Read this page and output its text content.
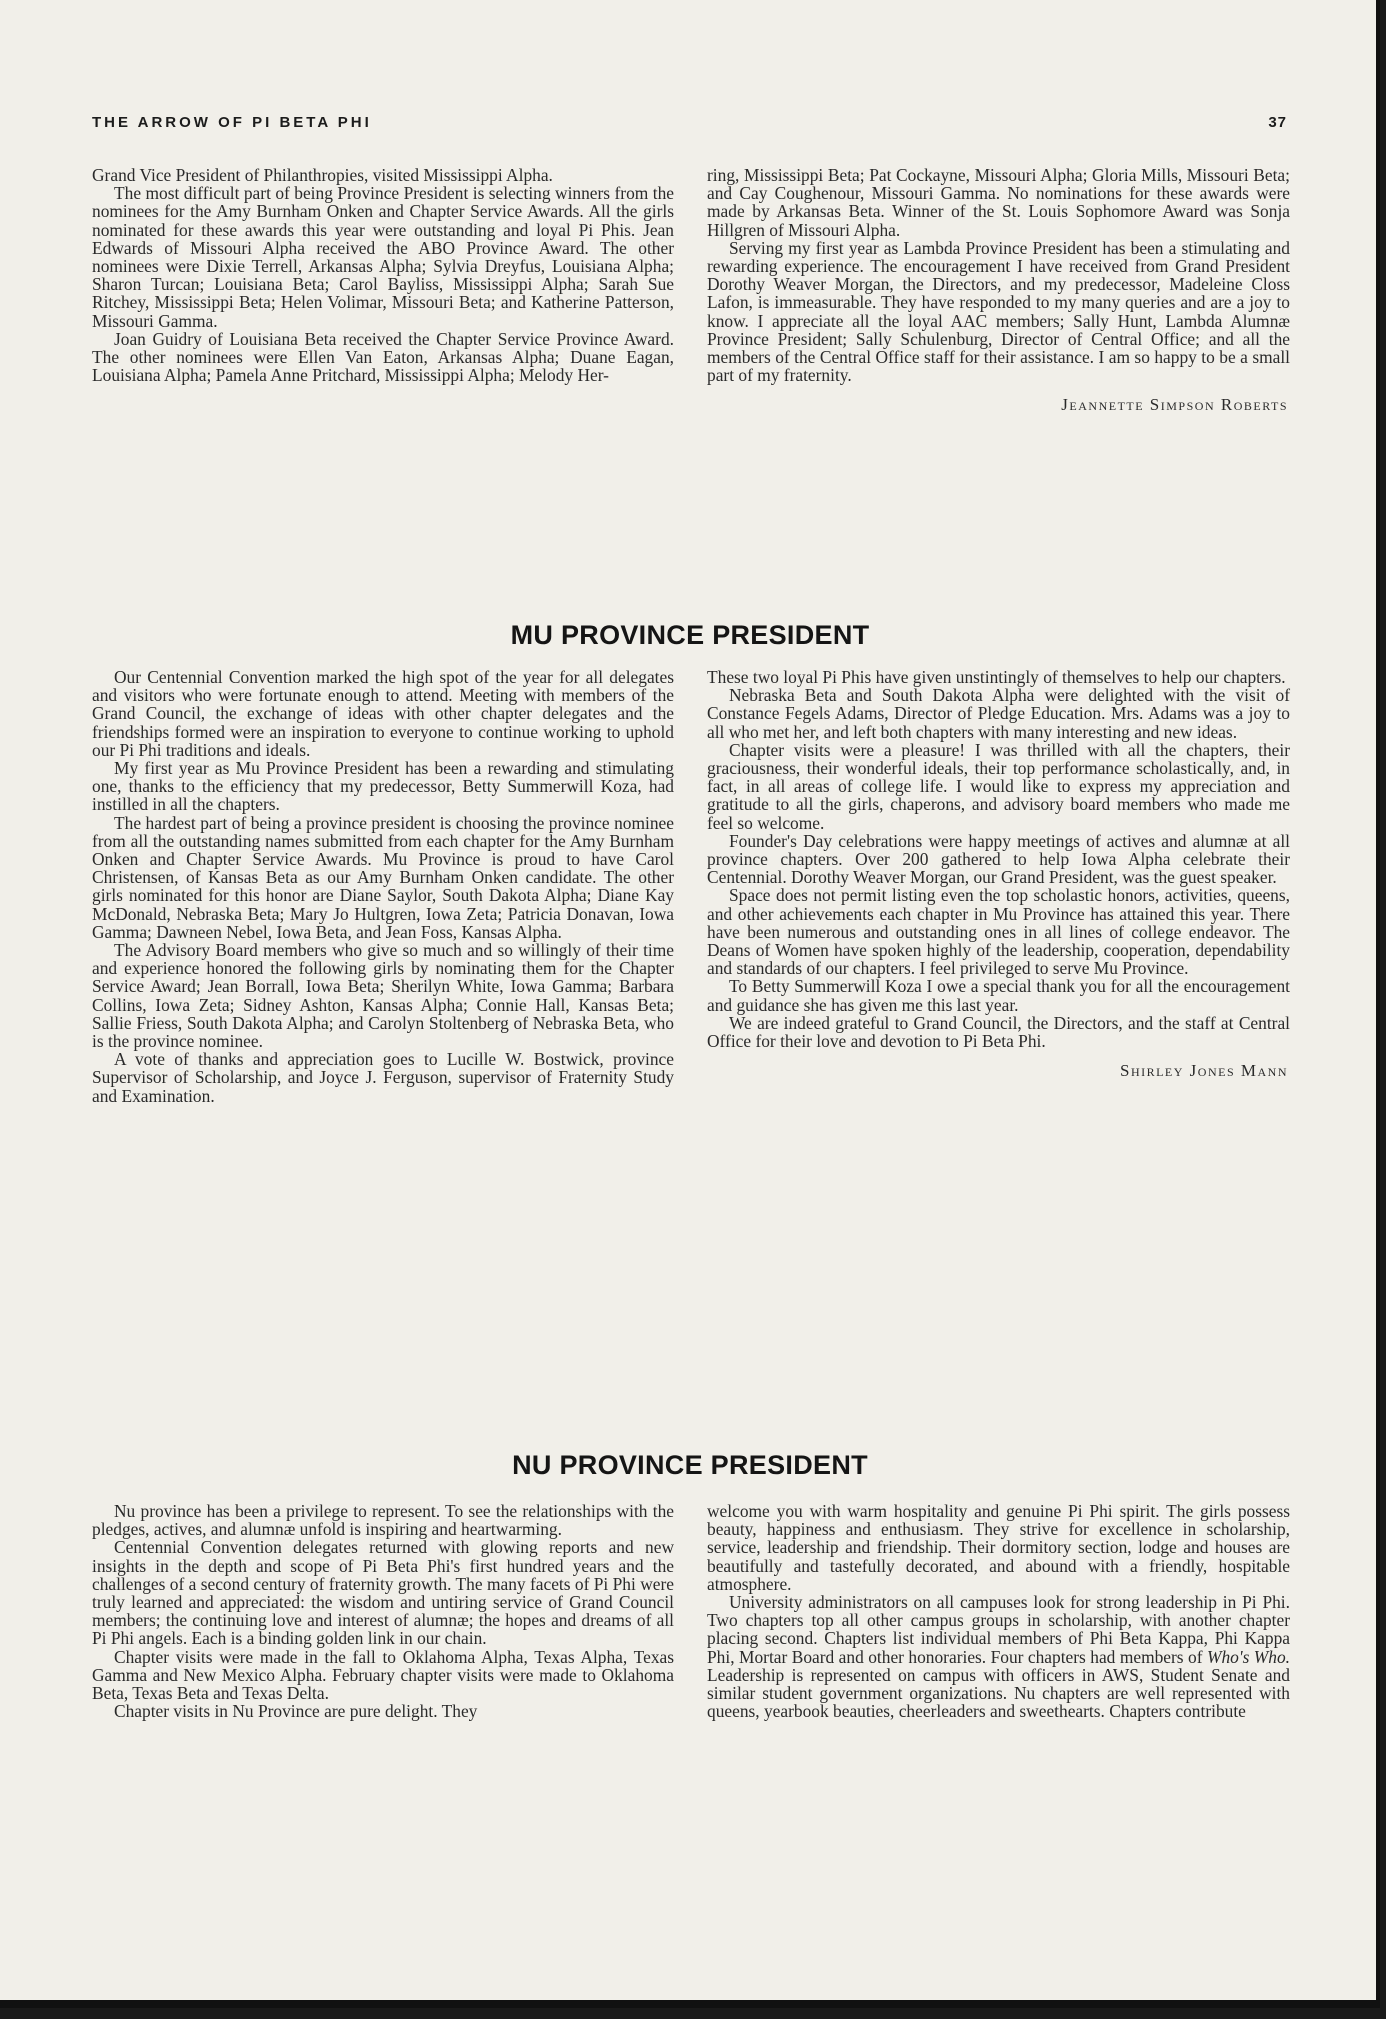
THE ARROW OF PI BETA PHI	37

Grand Vice President of Philanthropies, visited Mississippi Alpha.

The most difficult part of being Province President is selecting winners from the nominees for the Amy Burnham Onken and Chapter Service Awards. All the girls nominated for these awards this year were outstanding and loyal Pi Phis. Jean Edwards of Missouri Alpha received the ABO Province Award. The other nominees were Dixie Terrell, Arkansas Alpha; Sylvia Dreyfus, Louisiana Alpha; Sharon Turcan; Louisiana Beta; Carol Bayliss, Mississippi Alpha; Sarah Sue Ritchey, Mississippi Beta; Helen Volimar, Missouri Beta; and Katherine Patterson, Missouri Gamma.

Joan Guidry of Louisiana Beta received the Chapter Service Province Award. The other nominees were Ellen Van Eaton, Arkansas Alpha; Duane Eagan, Louisiana Alpha; Pamela Anne Pritchard, Mississippi Alpha; Melody Her-

ring, Mississippi Beta; Pat Cockayne, Missouri Alpha; Gloria Mills, Missouri Beta; and Cay Coughenour, Missouri Gamma. No nominations for these awards were made by Arkansas Beta. Winner of the St. Louis Sophomore Award was Sonja Hillgren of Missouri Alpha.

Serving my first year as Lambda Province President has been a stimulating and rewarding experience. The encouragement I have received from Grand President Dorothy Weaver Morgan, the Directors, and my predecessor, Madeleine Closs Lafon, is immeasurable. They have responded to my many queries and are a joy to know. I appreciate all the loyal AAC members; Sally Hunt, Lambda Alumnæ Province President; Sally Schulenburg, Director of Central Office; and all the members of the Central Office staff for their assistance. I am so happy to be a small part of my fraternity.

Jeannette Simpson Roberts
MU PROVINCE PRESIDENT

Our Centennial Convention marked the high spot of the year for all delegates and visitors who were fortunate enough to attend. Meeting with members of the Grand Council, the exchange of ideas with other chapter delegates and the friendships formed were an inspiration to everyone to continue working to uphold our Pi Phi traditions and ideals.

My first year as Mu Province President has been a rewarding and stimulating one, thanks to the efficiency that my predecessor, Betty Summerwill Koza, had instilled in all the chapters.

The hardest part of being a province president is choosing the province nominee from all the outstanding names submitted from each chapter for the Amy Burnham Onken and Chapter Service Awards. Mu Province is proud to have Carol Christensen, of Kansas Beta as our Amy Burnham Onken candidate. The other girls nominated for this honor are Diane Saylor, South Dakota Alpha; Diane Kay McDonald, Nebraska Beta; Mary Jo Hultgren, Iowa Zeta; Patricia Donavan, Iowa Gamma; Dawneen Nebel, Iowa Beta, and Jean Foss, Kansas Alpha.

The Advisory Board members who give so much and so willingly of their time and experience honored the following girls by nominating them for the Chapter Service Award; Jean Borrall, Iowa Beta; Sherilyn White, Iowa Gamma; Barbara Collins, Iowa Zeta; Sidney Ashton, Kansas Alpha; Connie Hall, Kansas Beta; Sallie Friess, South Dakota Alpha; and Carolyn Stoltenberg of Nebraska Beta, who is the province nominee.

A vote of thanks and appreciation goes to Lucille W. Bostwick, province Supervisor of Scholarship, and Joyce J. Ferguson, supervisor of Fraternity Study and Examination.

These two loyal Pi Phis have given unstintingly of themselves to help our chapters.

Nebraska Beta and South Dakota Alpha were delighted with the visit of Constance Fegels Adams, Director of Pledge Education. Mrs. Adams was a joy to all who met her, and left both chapters with many interesting and new ideas.

Chapter visits were a pleasure! I was thrilled with all the chapters, their graciousness, their wonderful ideals, their top performance scholastically, and, in fact, in all areas of college life. I would like to express my appreciation and gratitude to all the girls, chaperons, and advisory board members who made me feel so welcome.

Founder's Day celebrations were happy meetings of actives and alumnæ at all province chapters. Over 200 gathered to help Iowa Alpha celebrate their Centennial. Dorothy Weaver Morgan, our Grand President, was the guest speaker.

Space does not permit listing even the top scholastic honors, activities, queens, and other achievements each chapter in Mu Province has attained this year. There have been numerous and outstanding ones in all lines of college endeavor. The Deans of Women have spoken highly of the leadership, cooperation, dependability and standards of our chapters. I feel privileged to serve Mu Province.

To Betty Summerwill Koza I owe a special thank you for all the encouragement and guidance she has given me this last year.

We are indeed grateful to Grand Council, the Directors, and the staff at Central Office for their love and devotion to Pi Beta Phi.

Shirley Jones Mann
NU PROVINCE PRESIDENT

Nu province has been a privilege to represent. To see the relationships with the pledges, actives, and alumnæ unfold is inspiring and heartwarming.

Centennial Convention delegates returned with glowing reports and new insights in the depth and scope of Pi Beta Phi's first hundred years and the challenges of a second century of fraternity growth. The many facets of Pi Phi were truly learned and appreciated: the wisdom and untiring service of Grand Council members; the continuing love and interest of alumnæ; the hopes and dreams of all Pi Phi angels. Each is a binding golden link in our chain.

Chapter visits were made in the fall to Oklahoma Alpha, Texas Alpha, Texas Gamma and New Mexico Alpha. February chapter visits were made to Oklahoma Beta, Texas Beta and Texas Delta.

Chapter visits in Nu Province are pure delight. They

welcome you with warm hospitality and genuine Pi Phi spirit. The girls possess beauty, happiness and enthusiasm. They strive for excellence in scholarship, service, leadership and friendship. Their dormitory section, lodge and houses are beautifully and tastefully decorated, and abound with a friendly, hospitable atmosphere.

University administrators on all campuses look for strong leadership in Pi Phi. Two chapters top all other campus groups in scholarship, with another chapter placing second. Chapters list individual members of Phi Beta Kappa, Phi Kappa Phi, Mortar Board and other honoraries. Four chapters had members of Who's Who. Leadership is represented on campus with officers in AWS, Student Senate and similar student government organizations. Nu chapters are well represented with queens, yearbook beauties, cheerleaders and sweethearts. Chapters contribute
